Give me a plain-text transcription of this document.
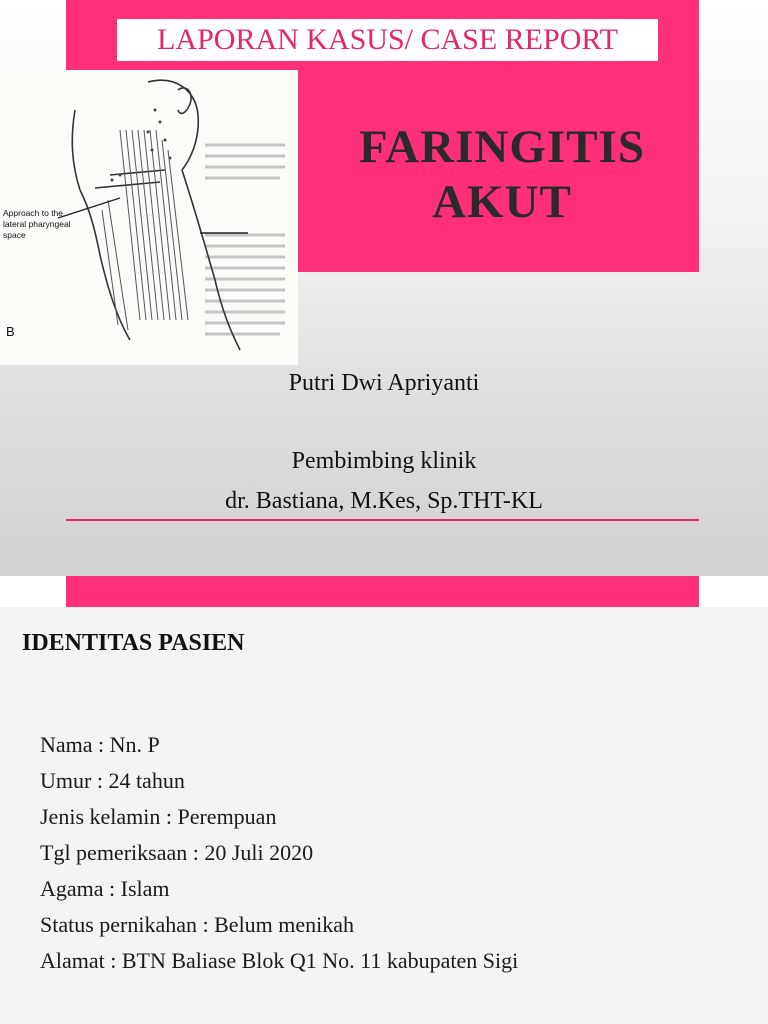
LAPORAN KASUS/ CASE REPORT
FARINGITIS
AKUT
Approach to the
lateral pharyngeal
space
B
Putri Dwi Apriyanti
Pembimbing klinik
dr. Bastiana, M.Kes, Sp.THT-KL
IDENTITAS PASIEN
Nama : Nn. P
Umur : 24 tahun
Jenis kelamin : Perempuan
Tgl pemeriksaan : 20 Juli 2020
Agama : Islam
Status pernikahan : Belum menikah
Alamat : BTN Baliase Blok Q1 No. 11 kabupaten Sigi
